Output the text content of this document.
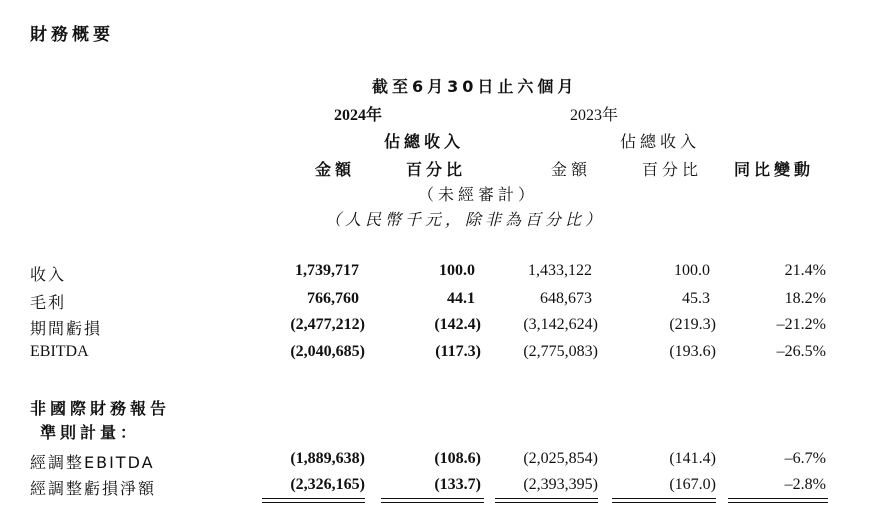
財務概要
截至6月30日止六個月
2024年	2023年
佔總收入	佔總收入
金額	百分比	金額	百分比 同比變動
（未經審計）
（人民幣千元，除非為百分比）
收入	1,739,717	100.0	1,433,122	100.0	21.4%
毛利	766,760	44.1	648,673	45.3	18.2%
期間虧損	(2,477,212)	(142.4)	(3,142,624)	(219.3)	–21.2%
EBITDA	(2,040,685)	(117.3)	(2,775,083)	(193.6)	–26.5%
非國際財務報告
準則計量：
經調整EBITDA	(1,889,638)	(108.6)	(2,025,854)	(141.4)	–6.7%
經調整虧損淨額	(2,326,165)	(133.7)	(2,393,395)	(167.0)	–2.8%
